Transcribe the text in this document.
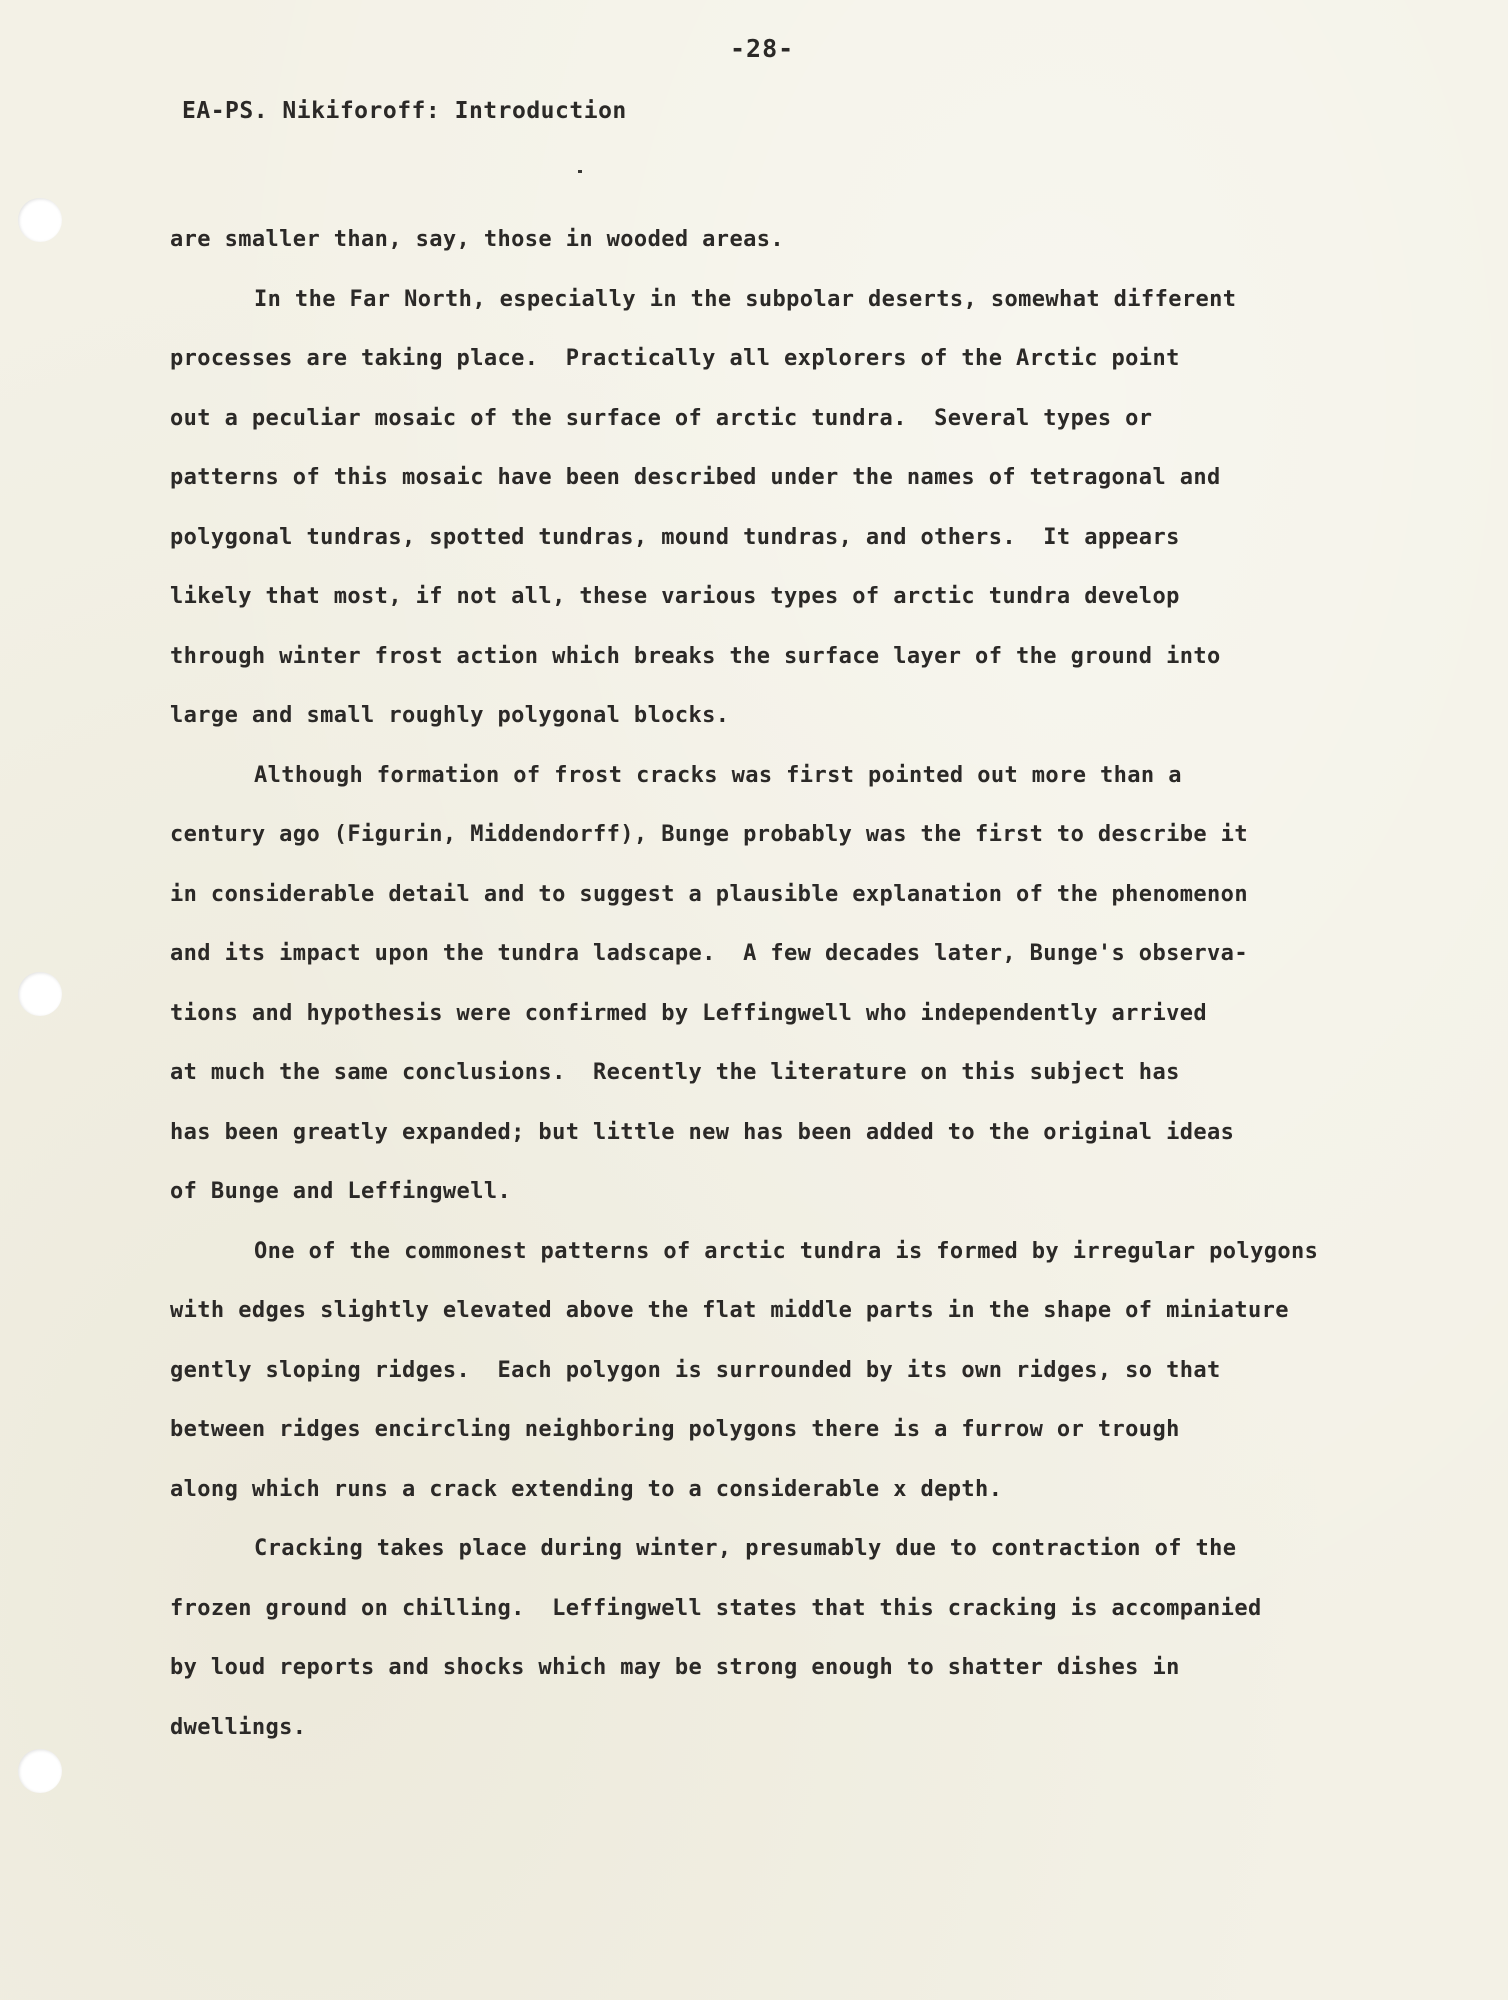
-28-
EA-PS. Nikiforoff: Introduction
are smaller than, say, those in wooded areas.
In the Far North, especially in the subpolar deserts, somewhat different
processes are taking place.  Practically all explorers of the Arctic point
out a peculiar mosaic of the surface of arctic tundra.  Several types or
patterns of this mosaic have been described under the names of tetragonal and
polygonal tundras, spotted tundras, mound tundras, and others.  It appears
likely that most, if not all, these various types of arctic tundra develop
through winter frost action which breaks the surface layer of the ground into
large and small roughly polygonal blocks.
Although formation of frost cracks was first pointed out more than a
century ago (Figurin, Middendorff), Bunge probably was the first to describe it
in considerable detail and to suggest a plausible explanation of the phenomenon
and its impact upon the tundra ladscape.  A few decades later, Bunge's observa-
tions and hypothesis were confirmed by Leffingwell who independently arrived
at much the same conclusions.  Recently the literature on this subject has
has been greatly expanded; but little new has been added to the original ideas
of Bunge and Leffingwell.
One of the commonest patterns of arctic tundra is formed by irregular polygons
with edges slightly elevated above the flat middle parts in the shape of miniature
gently sloping ridges.  Each polygon is surrounded by its own ridges, so that
between ridges encircling neighboring polygons there is a furrow or trough
along which runs a crack extending to a considerable x depth.
Cracking takes place during winter, presumably due to contraction of the
frozen ground on chilling.  Leffingwell states that this cracking is accompanied
by loud reports and shocks which may be strong enough to shatter dishes in
dwellings.
